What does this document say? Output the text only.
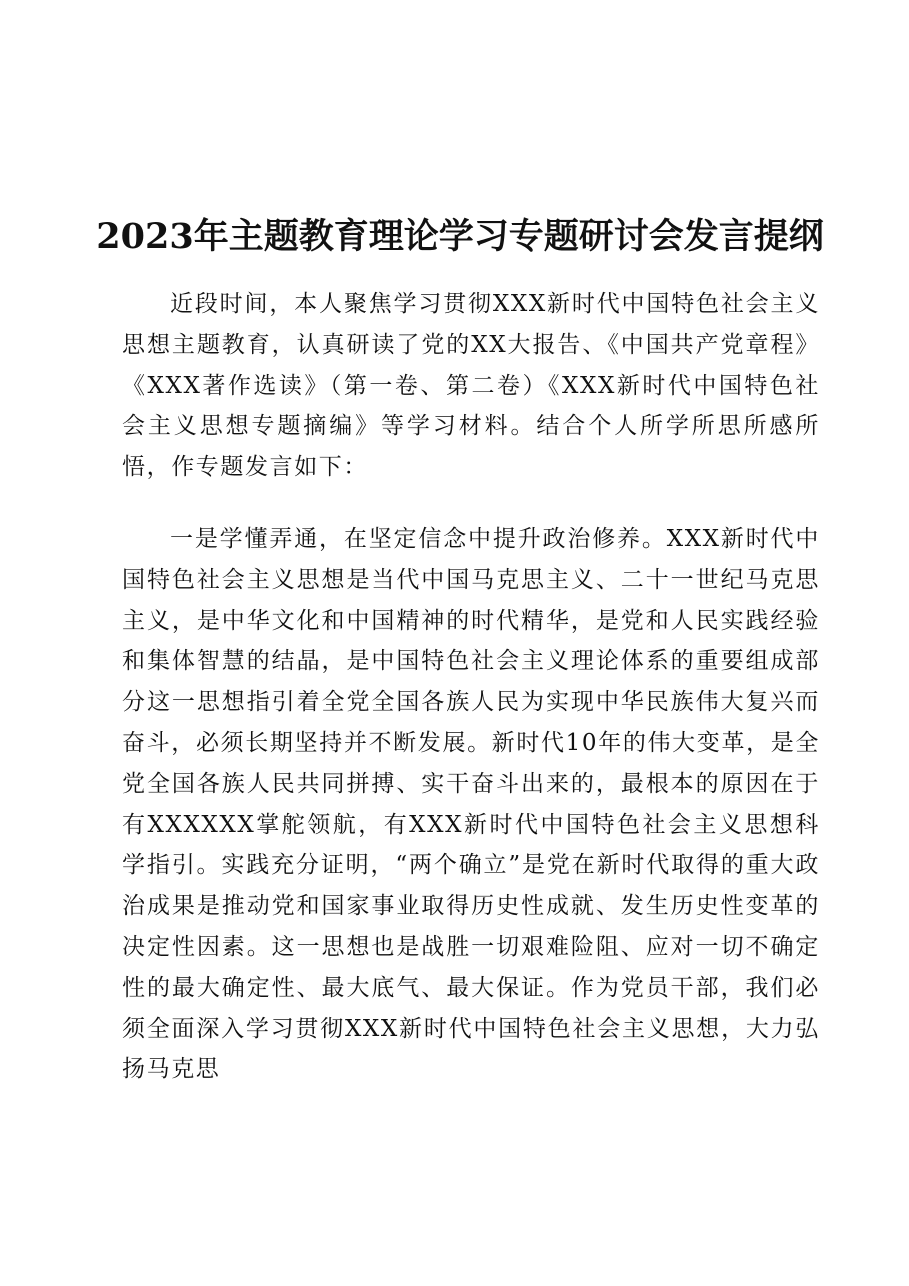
2023年主题教育理论学习专题研讨会发言提纲

近段时间，本人聚焦学习贯彻XXX新时代中国特色社会主义思想主题教育，认真研读了党的XX大报告、《中国共产党章程》《XXX著作选读》（第一卷、第二卷）《XXX新时代中国特色社会主义思想专题摘编》等学习材料。结合个人所学所思所感所悟，作专题发言如下：

一是学懂弄通，在坚定信念中提升政治修养。XXX新时代中国特色社会主义思想是当代中国马克思主义、二十一世纪马克思主义，是中华文化和中国精神的时代精华，是党和人民实践经验和集体智慧的结晶，是中国特色社会主义理论体系的重要组成部分这一思想指引着全党全国各族人民为实现中华民族伟大复兴而奋斗，必须长期坚持并不断发展。新时代10年的伟大变革，是全党全国各族人民共同拼搏、实干奋斗出来的，最根本的原因在于有XXXXXX掌舵领航，有XXX新时代中国特色社会主义思想科学指引。实践充分证明，“两个确立”是党在新时代取得的重大政治成果是推动党和国家事业取得历史性成就、发生历史性变革的决定性因素。这一思想也是战胜一切艰难险阻、应对一切不确定性的最大确定性、最大底气、最大保证。作为党员干部，我们必须全面深入学习贯彻XXX新时代中国特色社会主义思想，大力弘扬马克思
